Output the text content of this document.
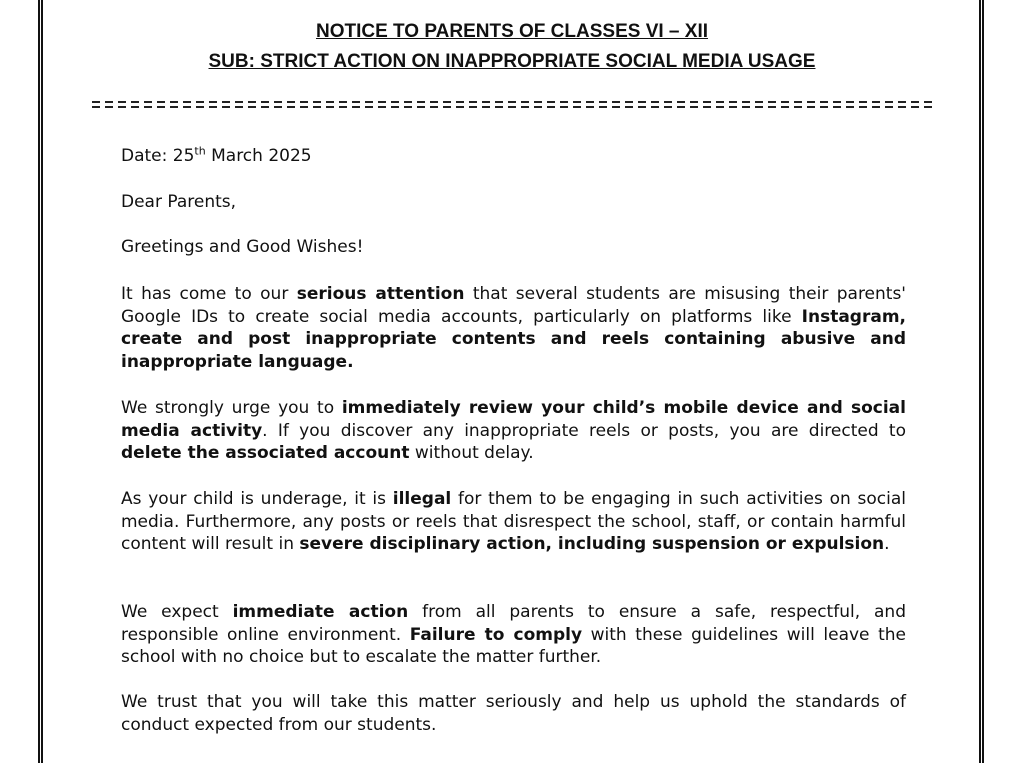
NOTICE TO PARENTS OF CLASSES VI – XII
SUB: STRICT ACTION ON INAPPROPRIATE SOCIAL MEDIA USAGE

Date: 25th March 2025

Dear Parents,

Greetings and Good Wishes!

It has come to our serious attention that several students are misusing their parents' Google IDs to create social media accounts, particularly on platforms like Instagram, create and post inappropriate contents and reels containing abusive and inappropriate language.

We strongly urge you to immediately review your child’s mobile device and social media activity. If you discover any inappropriate reels or posts, you are directed to delete the associated account without delay.

As your child is underage, it is illegal for them to be engaging in such activities on social media. Furthermore, any posts or reels that disrespect the school, staff, or contain harmful content will result in severe disciplinary action, including suspension or expulsion.

We expect immediate action from all parents to ensure a safe, respectful, and responsible online environment. Failure to comply with these guidelines will leave the school with no choice but to escalate the matter further.

We trust that you will take this matter seriously and help us uphold the standards of conduct expected from our students.
